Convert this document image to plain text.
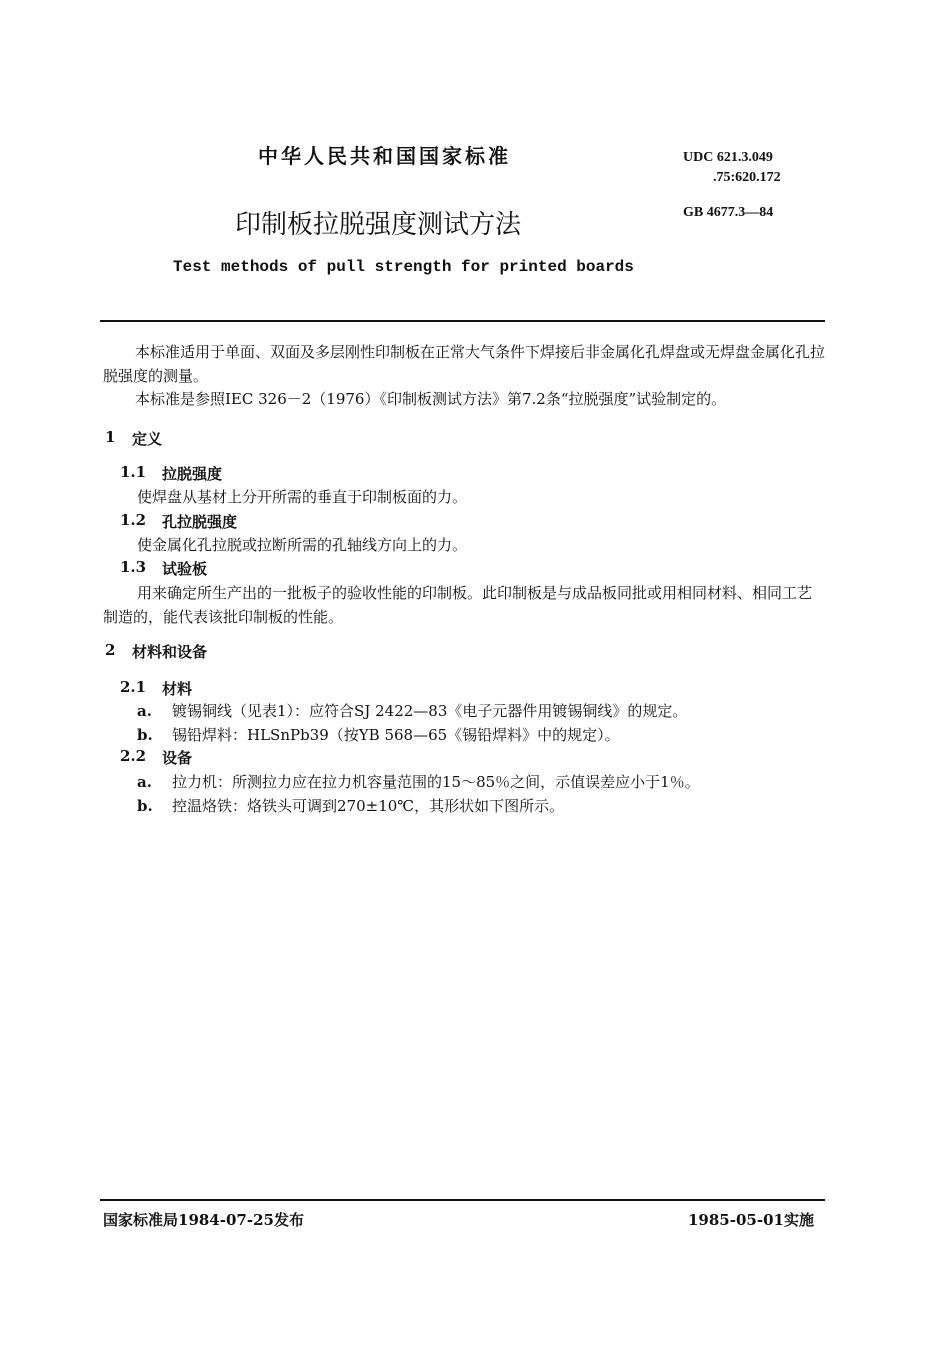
中华人民共和国国家标准	UDC 621.3.049
.75:620.172
印制板拉脱强度测试方法	GB 4677.3—84
Test methods of pull strength for printed boards
本标准适用于单面、双面及多层刚性印制板在正常大气条件下焊接后非金属化孔焊盘或无焊盘金属化孔拉脱强度的测量。
本标准是参照IEC 326－2（1976）《印制板测试方法》第7.2条“拉脱强度”试验制定的。
1 定义
1.1 拉脱强度
使焊盘从基材上分开所需的垂直于印制板面的力。
1.2 孔拉脱强度
使金属化孔拉脱或拉断所需的孔轴线方向上的力。
1.3 试验板
用来确定所生产出的一批板子的验收性能的印制板。此印制板是与成品板同批或用相同材料、相同工艺制造的，能代表该批印制板的性能。
2 材料和设备
2.1 材料
a. 镀锡铜线（见表1）：应符合SJ 2422—83《电子元器件用镀锡铜线》的规定。
b. 锡铅焊料：HLSnPb39（按YB 568—65《锡铅焊料》中的规定）。
2.2 设备
a. 拉力机：所测拉力应在拉力机容量范围的15～85％之间，示值误差应小于1％。
b. 控温烙铁：烙铁头可调到270±10℃，其形状如下图所示。
国家标准局1984-07-25发布	1985-05-01实施
